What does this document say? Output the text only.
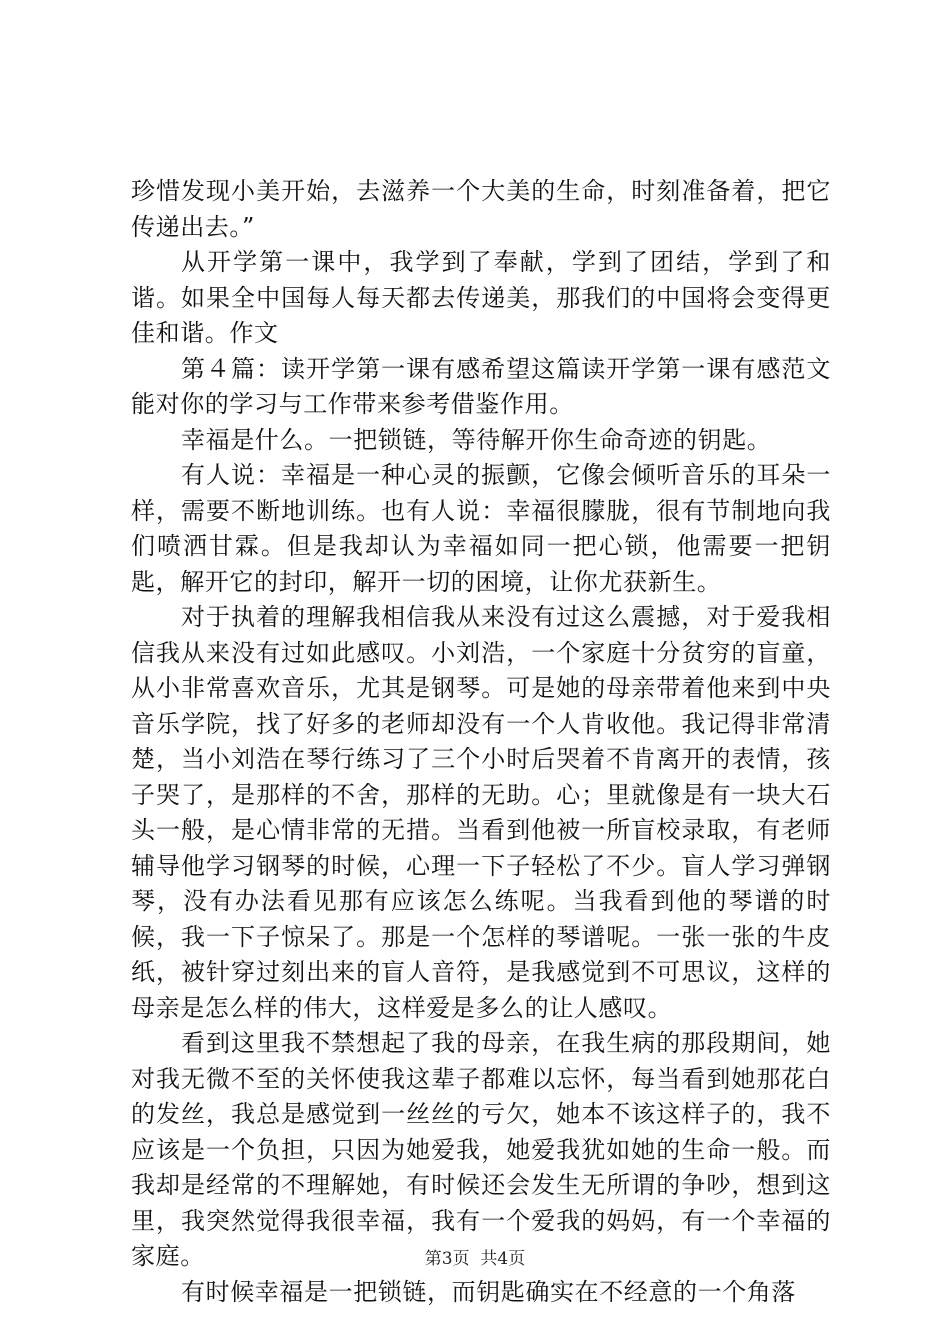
珍惜发现小美开始，去滋养一个大美的生命，时刻准备着，把它传递出去。”

从开学第一课中，我学到了奉献，学到了团结，学到了和谐。如果全中国每人每天都去传递美，那我们的中国将会变得更佳和谐。作文

第４篇：读开学第一课有感希望这篇读开学第一课有感范文能对你的学习与工作带来参考借鉴作用。

幸福是什么。一把锁链，等待解开你生命奇迹的钥匙。

有人说：幸福是一种心灵的振颤，它像会倾听音乐的耳朵一样，需要不断地训练。也有人说：幸福很朦胧，很有节制地向我们喷洒甘霖。但是我却认为幸福如同一把心锁，他需要一把钥匙，解开它的封印，解开一切的困境，让你尤获新生。

对于执着的理解我相信我从来没有过这么震撼，对于爱我相信我从来没有过如此感叹。小刘浩，一个家庭十分贫穷的盲童，从小非常喜欢音乐，尤其是钢琴。可是她的母亲带着他来到中央音乐学院，找了好多的老师却没有一个人肯收他。我记得非常清楚，当小刘浩在琴行练习了三个小时后哭着不肯离开的表情，孩子哭了，是那样的不舍，那样的无助。心；里就像是有一块大石头一般，是心情非常的无措。当看到他被一所盲校录取，有老师辅导他学习钢琴的时候，心理一下子轻松了不少。盲人学习弹钢琴，没有办法看见那有应该怎么练呢。当我看到他的琴谱的时候，我一下子惊呆了。那是一个怎样的琴谱呢。一张一张的牛皮纸，被针穿过刻出来的盲人音符，是我感觉到不可思议，这样的母亲是怎么样的伟大，这样爱是多么的让人感叹。

看到这里我不禁想起了我的母亲，在我生病的那段期间，她对我无微不至的关怀使我这辈子都难以忘怀，每当看到她那花白的发丝，我总是感觉到一丝丝的亏欠，她本不该这样子的，我不应该是一个负担，只因为她爱我，她爱我犹如她的生命一般。而我却是经常的不理解她，有时候还会发生无所谓的争吵，想到这里，我突然觉得我很幸福，我有一个爱我的妈妈，有一个幸福的家庭。

有时候幸福是一把锁链，而钥匙确实在不经意的一个角落

第3页  共4页
